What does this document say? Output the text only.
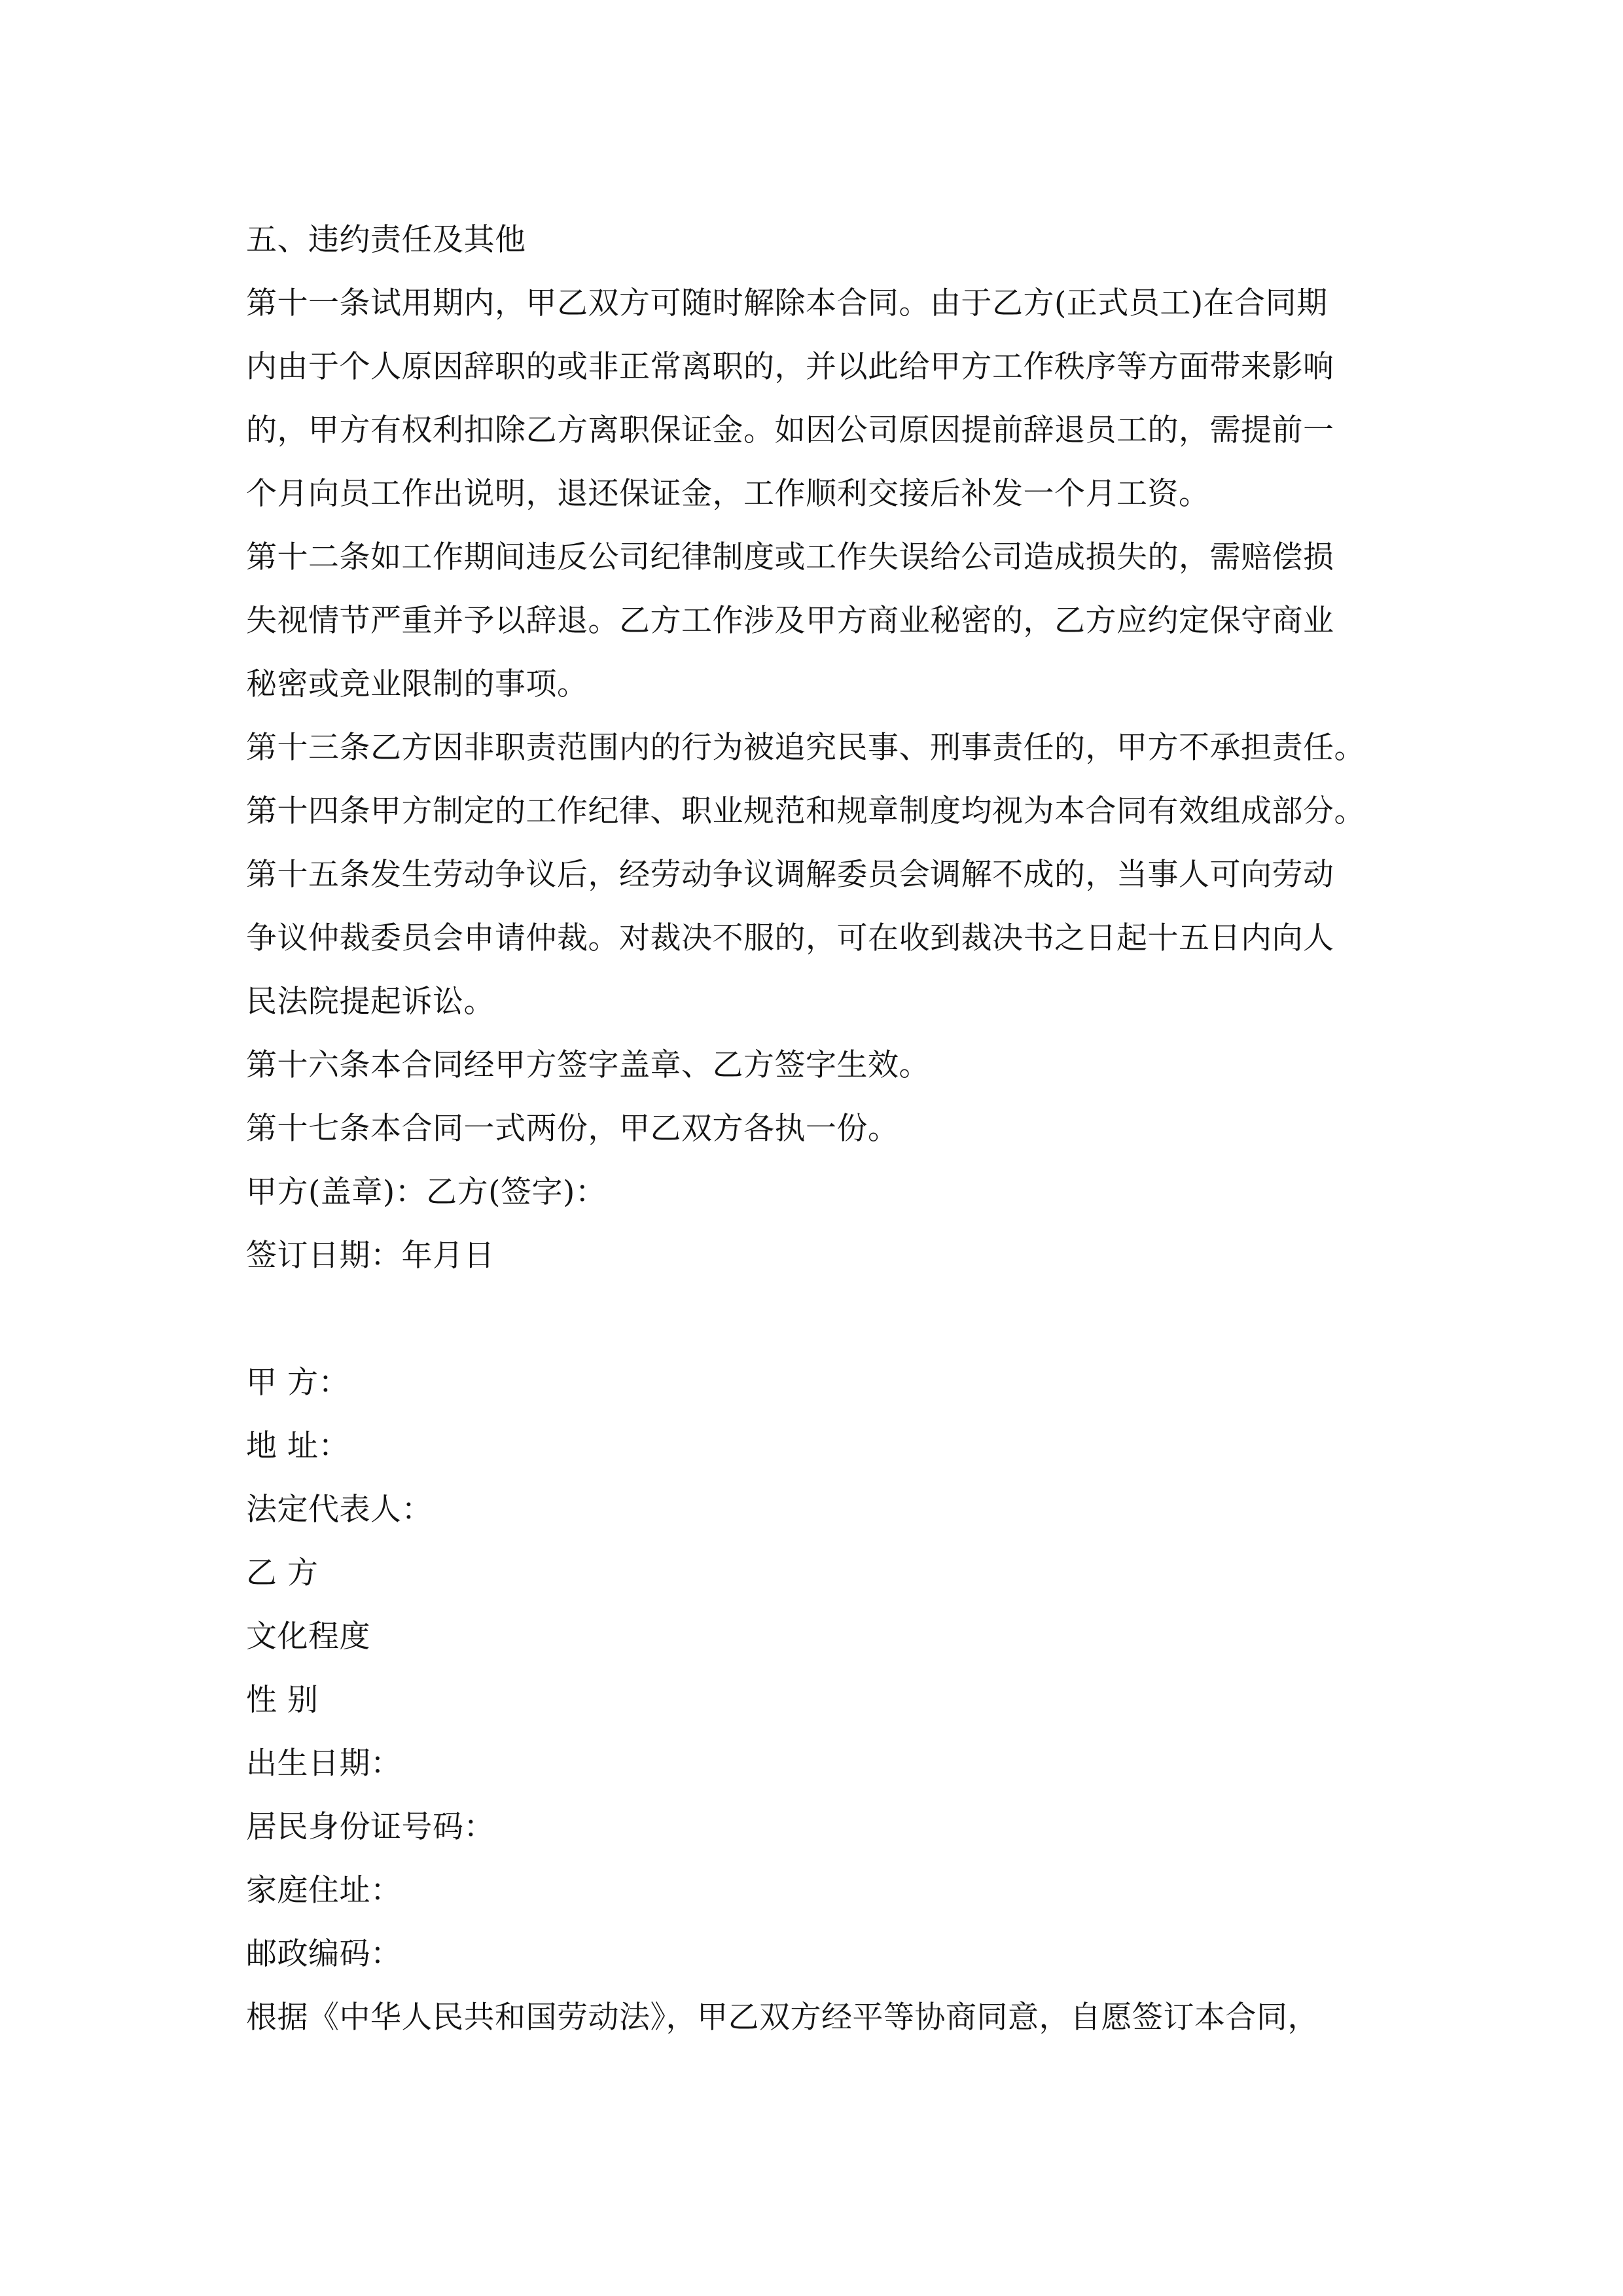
五、违约责任及其他
第十一条试用期内，甲乙双方可随时解除本合同。由于乙方(正式员工)在合同期
内由于个人原因辞职的或非正常离职的，并以此给甲方工作秩序等方面带来影响
的，甲方有权利扣除乙方离职保证金。如因公司原因提前辞退员工的，需提前一
个月向员工作出说明，退还保证金，工作顺利交接后补发一个月工资。
第十二条如工作期间违反公司纪律制度或工作失误给公司造成损失的，需赔偿损
失视情节严重并予以辞退。乙方工作涉及甲方商业秘密的，乙方应约定保守商业
秘密或竞业限制的事项。
第十三条乙方因非职责范围内的行为被追究民事、刑事责任的，甲方不承担责任。
第十四条甲方制定的工作纪律、职业规范和规章制度均视为本合同有效组成部分。
第十五条发生劳动争议后，经劳动争议调解委员会调解不成的，当事人可向劳动
争议仲裁委员会申请仲裁。对裁决不服的，可在收到裁决书之日起十五日内向人
民法院提起诉讼。
第十六条本合同经甲方签字盖章、乙方签字生效。
第十七条本合同一式两份，甲乙双方各执一份。
甲方(盖章)：乙方(签字)：
签订日期：年月日
甲 方：
地 址：
法定代表人：
乙 方
文化程度
性 别
出生日期：
居民身份证号码：
家庭住址：
邮政编码：
根据《中华人民共和国劳动法》，甲乙双方经平等协商同意，自愿签订本合同，
